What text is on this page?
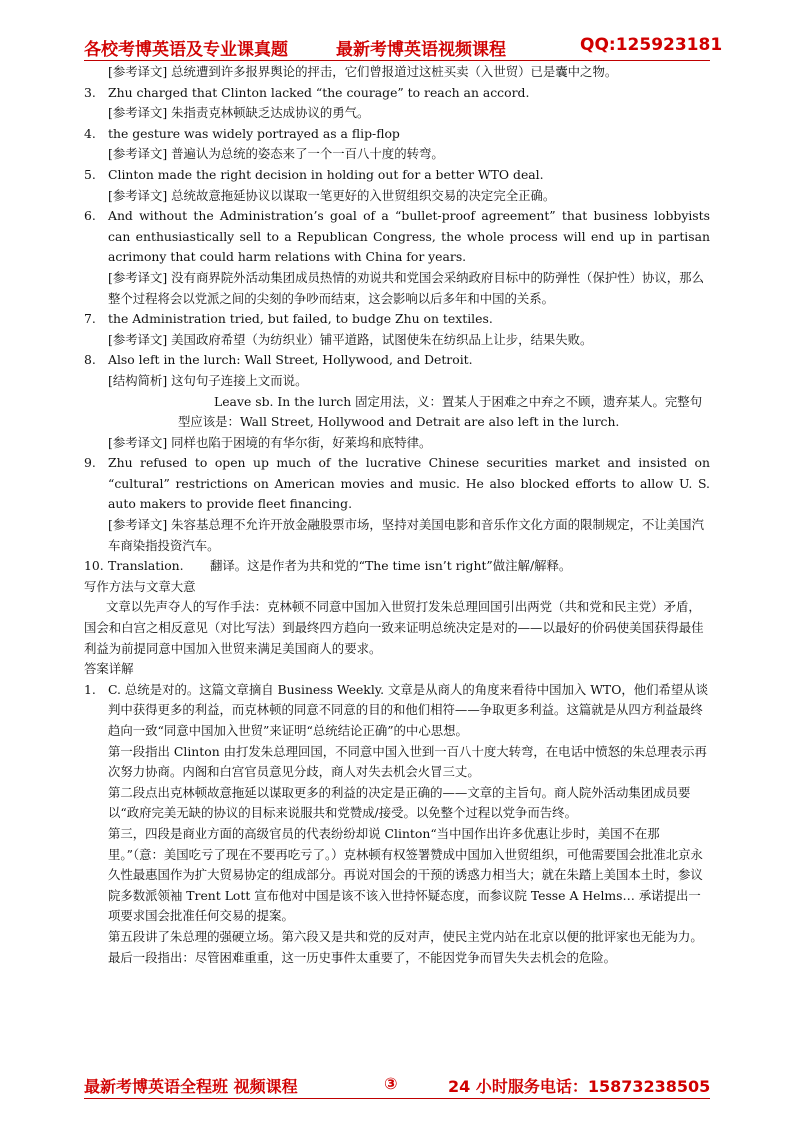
各校考博英语及专业课真题	最新考博英语视频课程	QQ:125923181

[参考译文] 总统遭到许多报界舆论的抨击，它们曾报道过这桩买卖（入世贸）已是囊中之物。

3. Zhu charged that Clinton lacked “the courage” to reach an accord.

[参考译文] 朱指责克林顿缺乏达成协议的勇气。

4. the gesture was widely portrayed as a flip-flop

[参考译文] 普遍认为总统的姿态来了一个一百八十度的转弯。

5. Clinton made the right decision in holding out for a better WTO deal.

[参考译文] 总统故意拖延协议以谋取一笔更好的入世贸组织交易的决定完全正确。

6. And without the Administration’s goal of a “bullet-proof agreement” that business lobbyists can enthusiastically sell to a Republican Congress, the whole process will end up in partisan acrimony that could harm relations with China for years.

[参考译文] 没有商界院外活动集团成员热情的劝说共和党国会采纳政府目标中的防弹性（保护性）协议，那么整个过程将会以党派之间的尖刻的争吵而结束，这会影响以后多年和中国的关系。

7. the Administration tried, but failed, to budge Zhu on textiles.

[参考译文] 美国政府希望（为纺织业）铺平道路，试图使朱在纺织品上让步，结果失败。

8. Also left in the lurch: Wall Street, Hollywood, and Detroit.

[结构简析] 这句句子连接上文而说。

Leave sb. In the lurch 固定用法，义：置某人于困难之中弃之不顾，遗弃某人。完整句

型应该是：Wall Street, Hollywood and Detrait are also left in the lurch.

[参考译文] 同样也陷于困境的有华尔街，好莱坞和底特律。

9. Zhu refused to open up much of the lucrative Chinese securities market and insisted on “cultural” restrictions on American movies and music. He also blocked efforts to allow U. S. auto makers to provide fleet financing.

[参考译文] 朱容基总理不允许开放金融股票市场，坚持对美国电影和音乐作文化方面的限制规定，不让美国汽车商染指投资汽车。

10. Translation. 翻译。这是作者为共和党的“The time isn’t right”做注解/解释。

写作方法与文章大意

文章以先声夺人的写作手法：克林顿不同意中国加入世贸打发朱总理回国引出两党（共和党和民主党）矛盾，国会和白宫之相反意见（对比写法）到最终四方趋向一致来证明总统决定是对的——以最好的价码使美国获得最佳利益为前提同意中国加入世贸来满足美国商人的要求。

答案详解

1. C. 总统是对的。这篇文章摘自 Business Weekly. 文章是从商人的角度来看待中国加入 WTO，他们希望从谈判中获得更多的利益，而克林顿的同意不同意的目的和他们相符——争取更多利益。这篇就是从四方利益最终趋向一致“同意中国加入世贸”来证明“总统结论正确”的中心思想。

第一段指出 Clinton 由打发朱总理回国，不同意中国入世到一百八十度大转弯，在电话中愤怒的朱总理表示再次努力协商。内阁和白宫官员意见分歧，商人对失去机会火冒三丈。

第二段点出克林顿故意拖延以谋取更多的利益的决定是正确的——文章的主旨句。商人院外活动集团成员要以“政府完美无缺的协议的目标来说服共和党赞成/接受。以免整个过程以党争而告终。

第三，四段是商业方面的高级官员的代表纷纷却说 Clinton“当中国作出许多优惠让步时，美国不在那里。”（意：美国吃亏了现在不要再吃亏了。）克林顿有权签署赞成中国加入世贸组织，可他需要国会批准北京永久性最惠国作为扩大贸易协定的组成部分。再说对国会的干预的诱惑力相当大；就在朱踏上美国本土时，参议院多数派领袖 Trent Lott 宣布他对中国是该不该入世持怀疑态度，而参议院 Tesse A Helms… 承诺提出一项要求国会批准任何交易的提案。

第五段讲了朱总理的强硬立场。第六段又是共和党的反对声，使民主党内站在北京以便的批评家也无能为力。

最后一段指出：尽管困难重重，这一历史事件太重要了，不能因党争而冒失失去机会的危险。

最新考博英语全程班 视频课程	③	24 小时服务电话：15873238505
